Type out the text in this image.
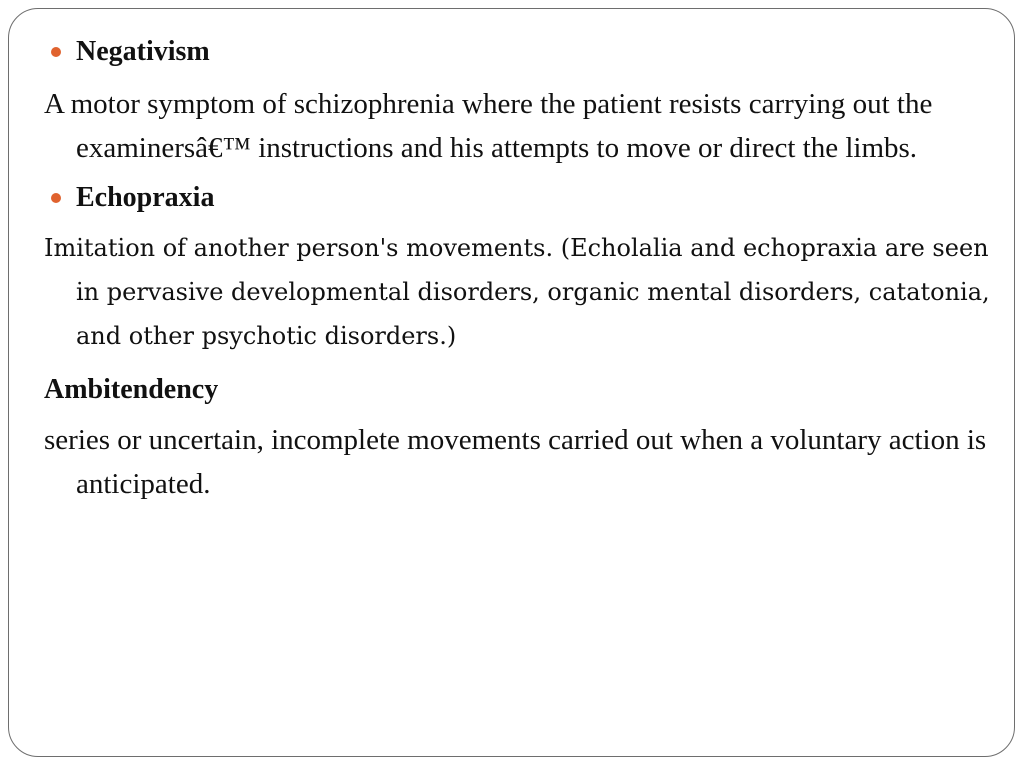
Negativism
A motor symptom of schizophrenia where the patient resists carrying out the examinersâ€™ instructions and his attempts to move or direct the limbs.
Echopraxia
Imitation of another person's movements. (Echolalia and echopraxia are seen in pervasive developmental disorders, organic mental disorders, catatonia, and other psychotic disorders.)
Ambitendency
series or uncertain, incomplete movements carried out when a voluntary action is anticipated.
